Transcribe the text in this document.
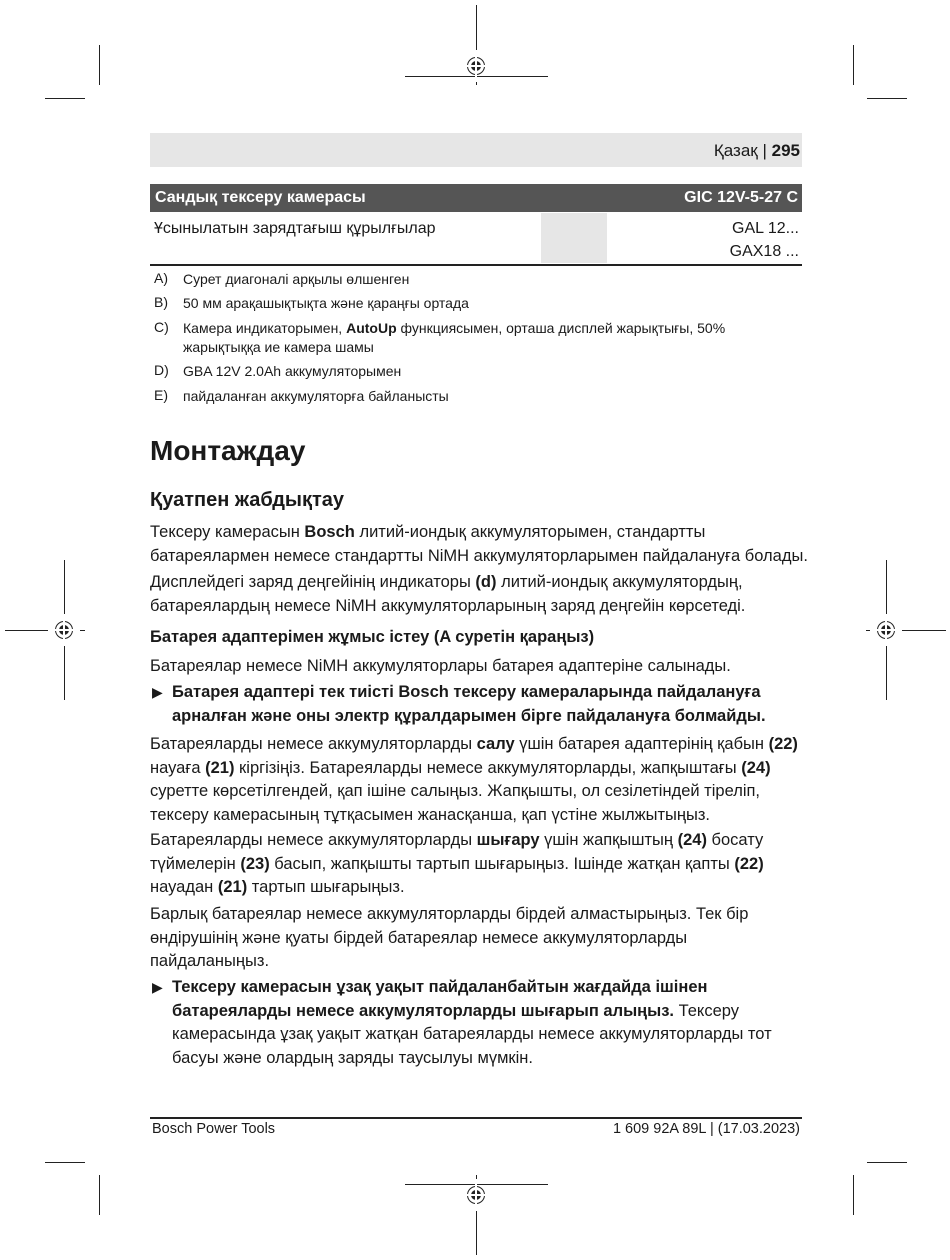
Қазақ | 295
Сандық тексеру камерасы	GIC 12V-5-27 C
Ұсынылатын зарядтағыш құрылғылар	GAL 12...
GAX18 ...
A) Сурет диагоналі арқылы өлшенген
B) 50 мм арақашықтықта және қараңғы ортада
C) Камера индикаторымен, AutoUp функциясымен, орташа дисплей жарықтығы, 50% жарықтыққа ие камера шамы
D) GBA 12V 2.0Ah аккумуляторымен
E) пайдаланған аккумуляторға байланысты
Монтаждау
Қуатпен жабдықтау
Тексеру камерасын Bosch литий-иондық аккумуляторымен, стандартты батареялармен немесе стандартты NiMH аккумуляторларымен пайдалануға болады.
Дисплейдегі заряд деңгейінің индикаторы (d) литий-иондық аккумулятордың, батареялардың немесе NiMH аккумуляторларының заряд деңгейін көрсетеді.
Батарея адаптерімен жұмыс істеу (A суретін қараңыз)
Батареялар немесе NiMH аккумуляторлары батарея адаптеріне салынады.
▶ Батарея адаптері тек тиісті Bosch тексеру камераларында пайдалануға арналған және оны электр құралдарымен бірге пайдалануға болмайды.
Батареяларды немесе аккумуляторларды салу үшін батарея адаптерінің қабын (22) науаға (21) кіргізіңіз. Батареяларды немесе аккумуляторларды, жапқыштағы (24) суретте көрсетілгендей, қап ішіне салыңыз. Жапқышты, ол сезілетіндей тіреліп, тексеру камерасының тұтқасымен жанасқанша, қап үстіне жылжытыңыз.
Батареяларды немесе аккумуляторларды шығару үшін жапқыштың (24) босату түймелерін (23) басып, жапқышты тартып шығарыңыз. Ішінде жатқан қапты (22) науадан (21) тартып шығарыңыз.
Барлық батареялар немесе аккумуляторларды бірдей алмастырыңыз. Тек бір өндірушінің және қуаты бірдей батареялар немесе аккумуляторларды пайдаланыңыз.
▶ Тексеру камерасын ұзақ уақыт пайдаланбайтын жағдайда ішінен батареяларды немесе аккумуляторларды шығарып алыңыз. Тексеру камерасында ұзақ уақыт жатқан батареяларды немесе аккумуляторларды тот басуы және олардың заряды таусылуы мүмкін.
Bosch Power Tools	1 609 92A 89L | (17.03.2023)
